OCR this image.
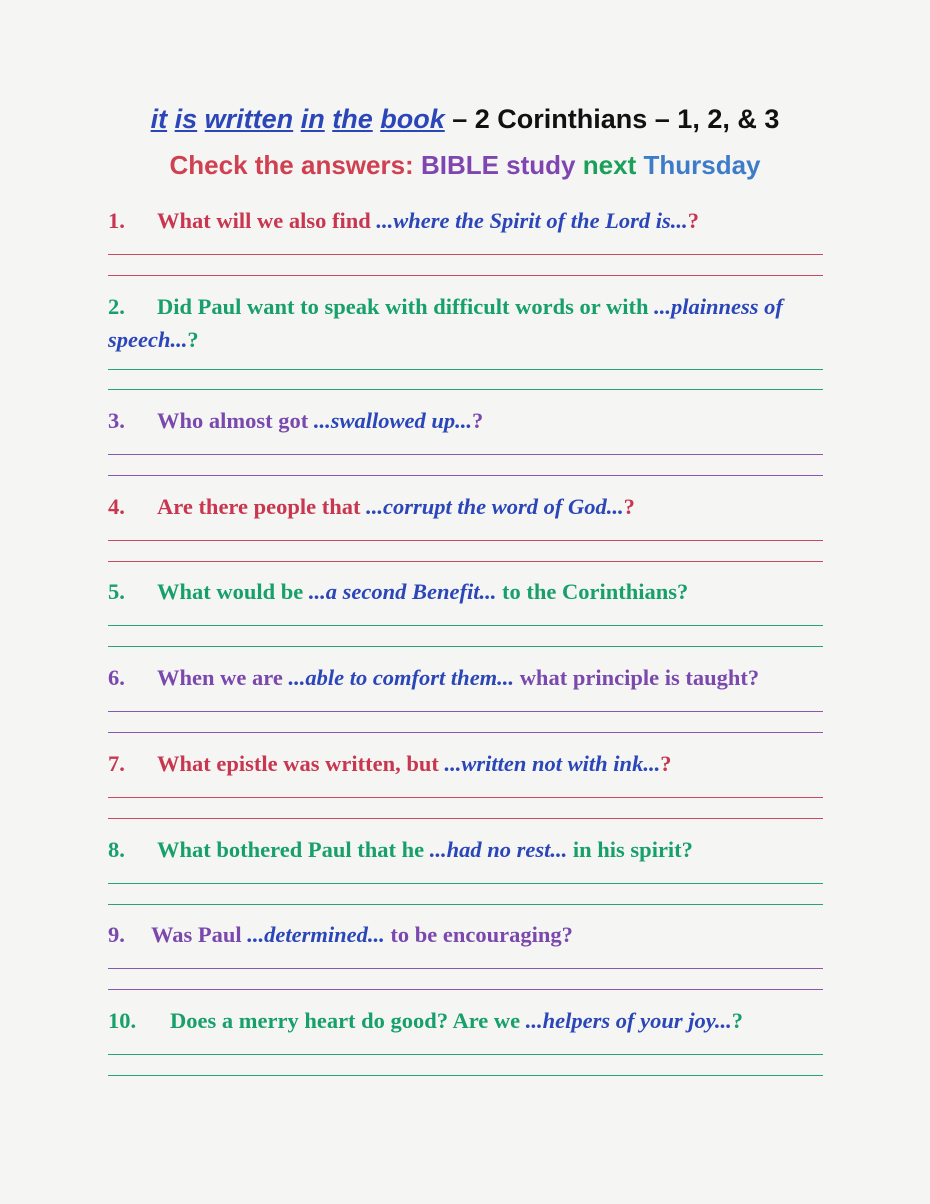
it is written in the book – 2 Corinthians – 1, 2, & 3
Check the answers: BIBLE study next Thursday
1. What will we also find ...where the Spirit of the Lord is...?
2. Did Paul want to speak with difficult words or with ...plainness of speech...?
3. Who almost got ...swallowed up...?
4. Are there people that ...corrupt the word of God...?
5. What would be ...a second Benefit... to the Corinthians?
6. When we are ...able to comfort them... what principle is taught?
7. What epistle was written, but ...written not with ink...?
8. What bothered Paul that he ...had no rest... in his spirit?
9. Was Paul ...determined... to be encouraging?
10. Does a merry heart do good? Are we ...helpers of your joy...?
